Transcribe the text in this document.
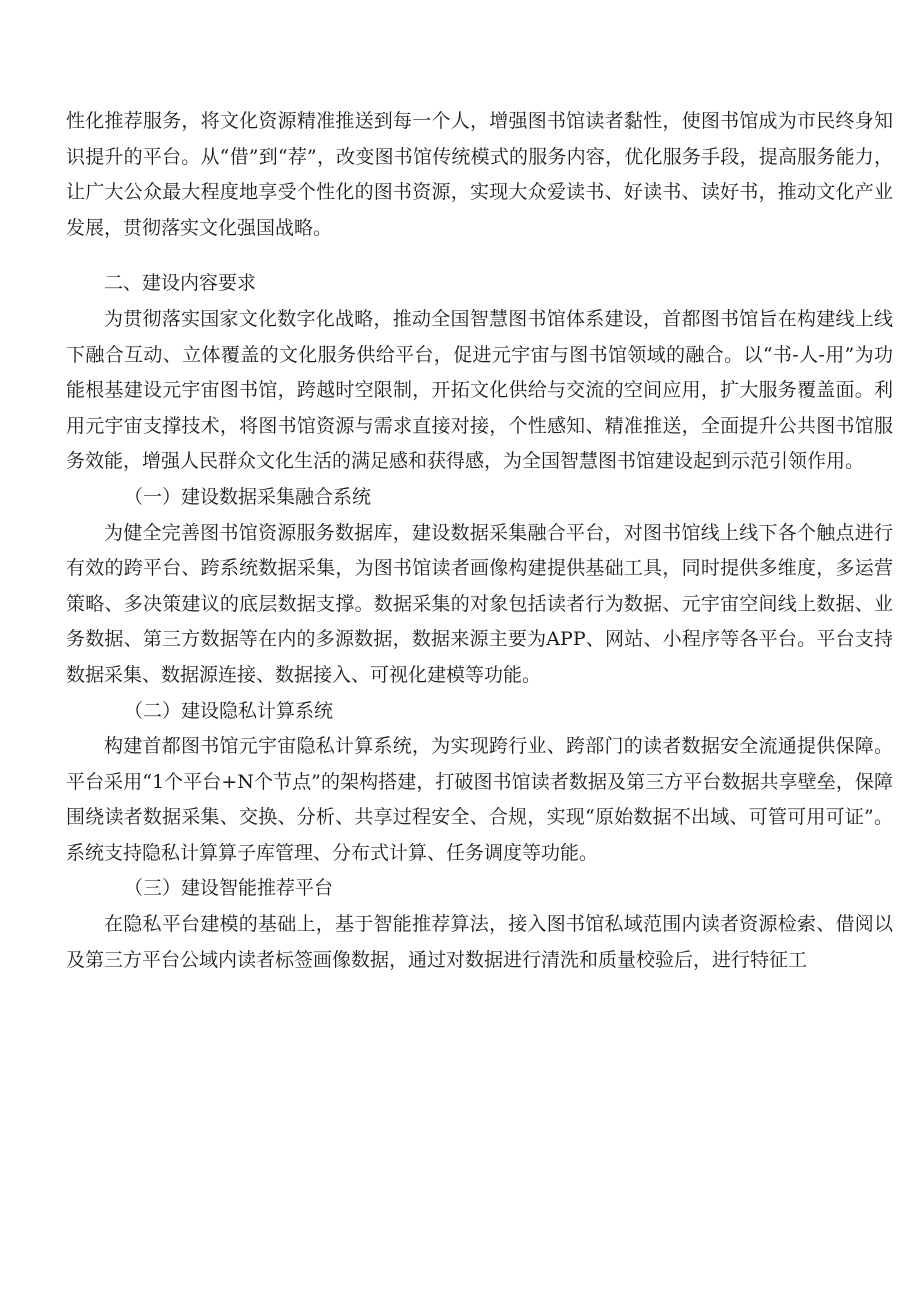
性化推荐服务，将文化资源精准推送到每一个人，增强图书馆读者黏性，使图书馆成为市民终身知识提升的平台。从“借”到“荐”，改变图书馆传统模式的服务内容，优化服务手段，提高服务能力，让广大公众最大程度地享受个性化的图书资源，实现大众爱读书、好读书、读好书，推动文化产业发展，贯彻落实文化强国战略。

二、建设内容要求

为贯彻落实国家文化数字化战略，推动全国智慧图书馆体系建设，首都图书馆旨在构建线上线下融合互动、立体覆盖的文化服务供给平台，促进元宇宙与图书馆领域的融合。以“书-人-用”为功能根基建设元宇宙图书馆，跨越时空限制，开拓文化供给与交流的空间应用，扩大服务覆盖面。利用元宇宙支撑技术，将图书馆资源与需求直接对接，个性感知、精准推送，全面提升公共图书馆服务效能，增强人民群众文化生活的满足感和获得感，为全国智慧图书馆建设起到示范引领作用。

（一）建设数据采集融合系统

为健全完善图书馆资源服务数据库，建设数据采集融合平台，对图书馆线上线下各个触点进行有效的跨平台、跨系统数据采集，为图书馆读者画像构建提供基础工具，同时提供多维度，多运营策略、多决策建议的底层数据支撑。数据采集的对象包括读者行为数据、元宇宙空间线上数据、业务数据、第三方数据等在内的多源数据，数据来源主要为APP、网站、小程序等各平台。平台支持数据采集、数据源连接、数据接入、可视化建模等功能。

（二）建设隐私计算系统

构建首都图书馆元宇宙隐私计算系统，为实现跨行业、跨部门的读者数据安全流通提供保障。平台采用“1个平台+N个节点”的架构搭建，打破图书馆读者数据及第三方平台数据共享壁垒，保障围绕读者数据采集、交换、分析、共享过程安全、合规，实现“原始数据不出域、可管可用可证”。系统支持隐私计算算子库管理、分布式计算、任务调度等功能。

（三）建设智能推荐平台

在隐私平台建模的基础上，基于智能推荐算法，接入图书馆私域范围内读者资源检索、借阅以及第三方平台公域内读者标签画像数据，通过对数据进行清洗和质量校验后，进行特征工
